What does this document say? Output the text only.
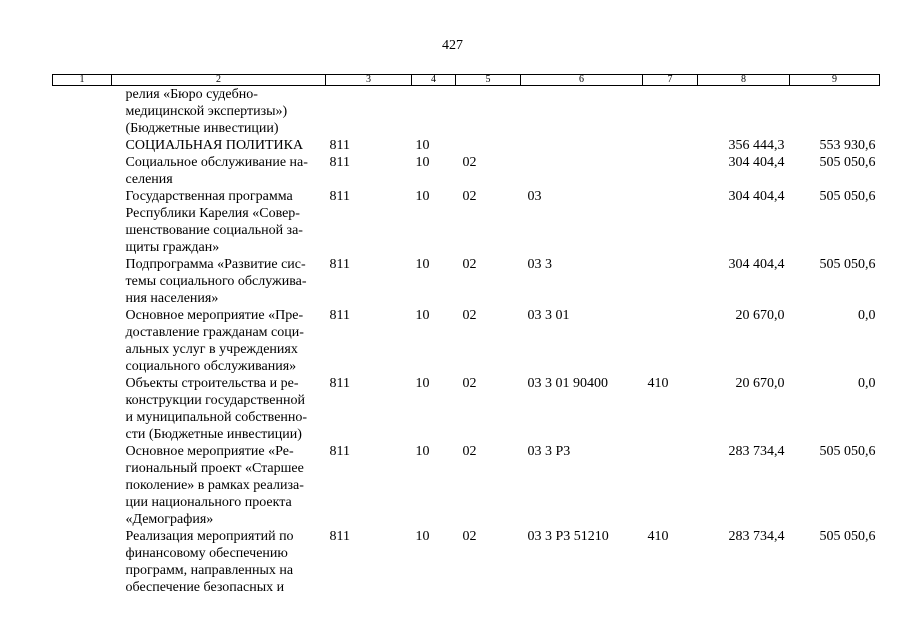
427
1	2	3	4	5	6	7	8	9

	релия «Бюро судебно-
медицинской экспертизы»)
(Бюджетные инвестиции)							

	СОЦИАЛЬНАЯ ПОЛИТИКА	811	10				356 444,3	553 930,6

	Социальное обслуживание на-
селения	811	10	02			304 404,4	505 050,6

	Государственная программа
Республики Карелия «Совер-
шенствование социальной за-
щиты граждан»	811	10	02	03		304 404,4	505 050,6

	Подпрограмма «Развитие сис-
темы социального обслужива-
ния населения»	811	10	02	03 3		304 404,4	505 050,6

	Основное мероприятие «Пре-
доставление гражданам соци-
альных услуг в учреждениях
социального обслуживания»	811	10	02	03 3 01		20 670,0	0,0

	Объекты строительства и ре-
конструкции государственной
и муниципальной собственно-
сти (Бюджетные инвестиции)	811	10	02	03 3 01 90400	410	20 670,0	0,0

	Основное мероприятие «Ре-
гиональный проект «Старшее
поколение» в рамках реализа-
ции национального проекта
«Демография»	811	10	02	03 3 P3		283 734,4	505 050,6

	Реализация мероприятий по
финансовому обеспечению
программ, направленных на
обеспечение безопасных и	811	10	02	03 3 P3 51210	410	283 734,4	505 050,6
